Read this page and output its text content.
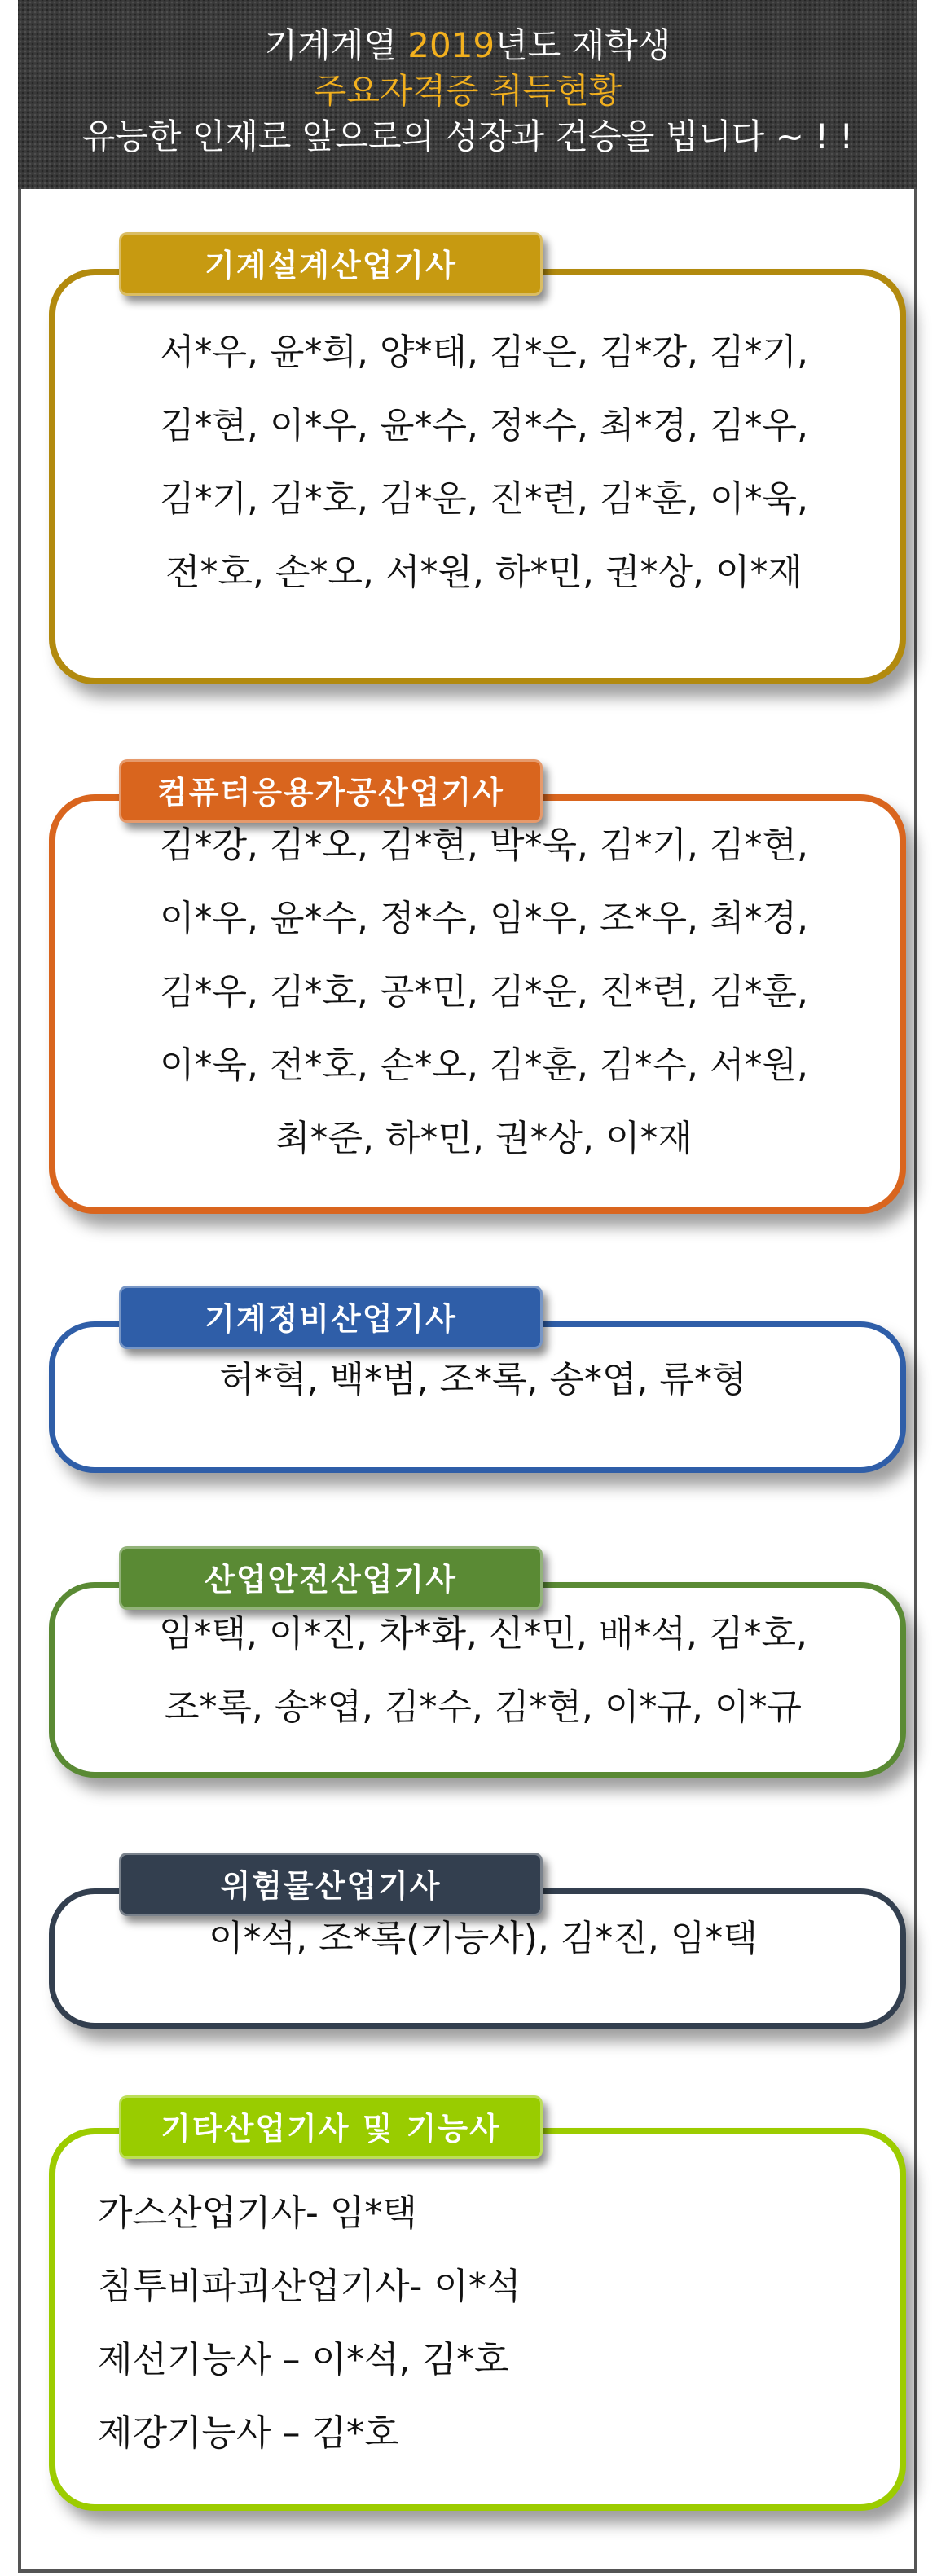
기계계열 2019년도 재학생
주요자격증 취득현황
유능한 인재로 앞으로의 성장과 건승을 빕니다 ~ ! !
서*우, 윤*희, 양*태, 김*은, 김*강, 김*기,
김*현, 이*우, 윤*수, 정*수, 최*경, 김*우,
김*기, 김*호, 김*운, 진*련, 김*훈, 이*욱,
전*호, 손*오, 서*원, 하*민, 권*상, 이*재
기계설계산업기사
김*강, 김*오, 김*현, 박*욱, 김*기, 김*현,
이*우, 윤*수, 정*수, 임*우, 조*우, 최*경,
김*우, 김*호, 공*민, 김*운, 진*련, 김*훈,
이*욱, 전*호, 손*오, 김*훈, 김*수, 서*원,
최*준, 하*민, 권*상, 이*재
컴퓨터응용가공산업기사
허*혁, 백*범, 조*록, 송*엽, 류*형
기계정비산업기사
임*택, 이*진, 차*화, 신*민, 배*석, 김*호,
조*록, 송*엽, 김*수, 김*현, 이*규, 이*규
산업안전산업기사
이*석, 조*록(기능사), 김*진, 임*택
위험물산업기사
가스산업기사- 임*택
침투비파괴산업기사- 이*석
제선기능사 – 이*석, 김*호
제강기능사 – 김*호
기타산업기사 및 기능사
